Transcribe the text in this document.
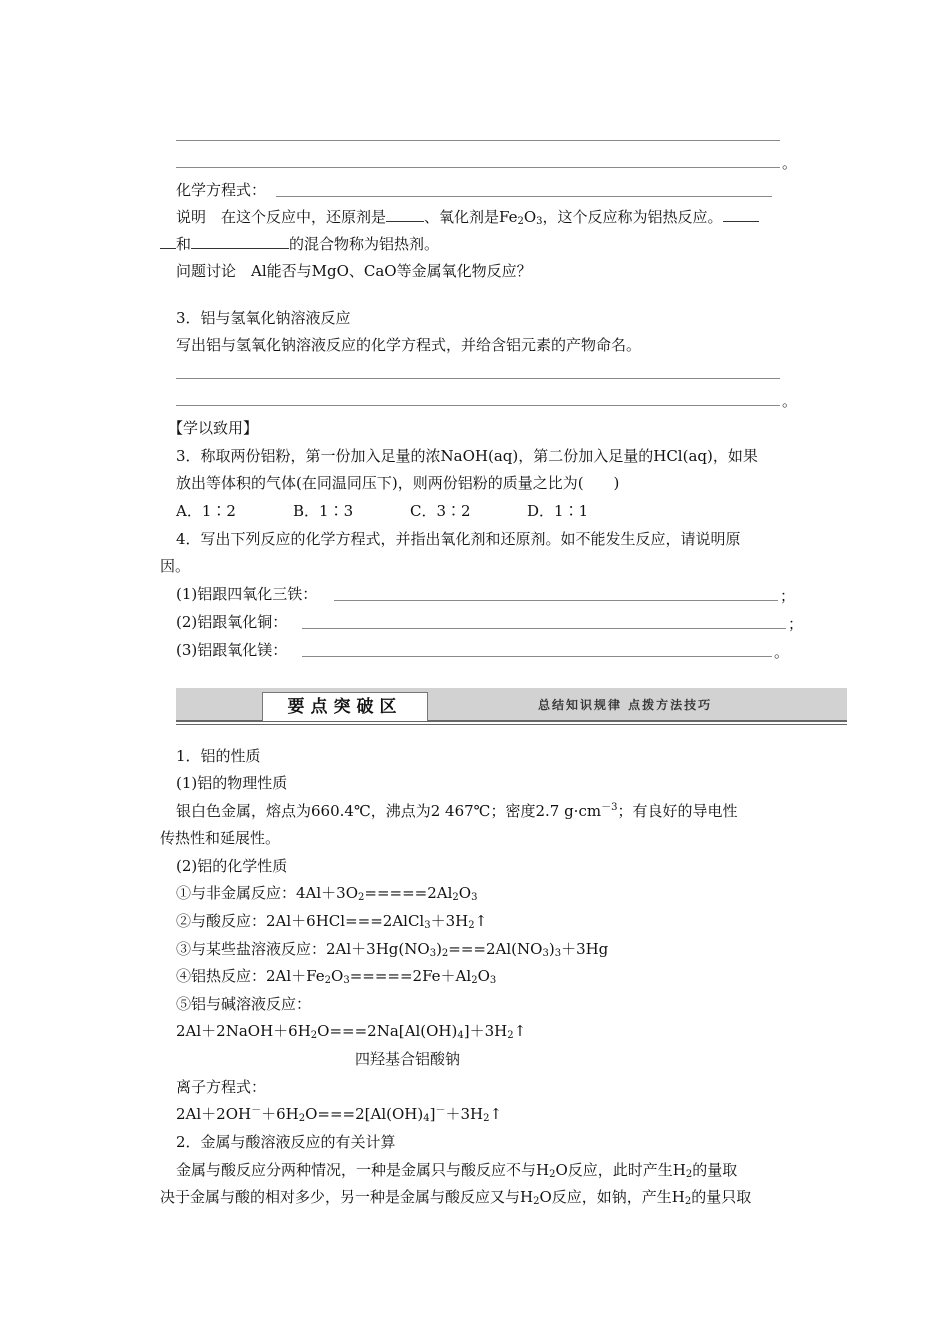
。
化学方程式：
说明　在这个反应中，还原剂是	、氧化剂是$Fe_2O_3$，这个反应称为铝热反应。
和	的混合物称为铝热剂。
问题讨论　Al能否与MgO、CaO等金属氧化物反应？
3．铝与氢氧化钠溶液反应
写出铝与氢氧化钠溶液反应的化学方程式，并给含铝元素的产物命名。
。
【学以致用】
3．称取两份铝粉，第一份加入足量的浓NaOH(aq)，第二份加入足量的HCl(aq)，如果
放出等体积的气体(在同温同压下)，则两份铝粉的质量之比为(　　)
A．1∶2	B．1∶3	C．3∶2	D．1∶1
4．写出下列反应的化学方程式，并指出氧化剂和还原剂。如不能发生反应，请说明原
因。
(1)铝跟四氧化三铁：	；
(2)铝跟氧化铜：	；
(3)铝跟氧化镁：	。
要点突破区	总结知识规律 点拨方法技巧
1．铝的性质
(1)铝的物理性质
银白色金属，熔点为660.4℃，沸点为2 467℃；密度2.7 $g\cdot cm^{-3}$；有良好的导电性
传热性和延展性。
(2)铝的化学性质
①与非金属反应：$4Al+3O_2=====2Al_2O_3$
②与酸反应：$2Al+6HCl===2AlCl_3+3H_2↑$
③与某些盐溶液反应：$2Al+3Hg(NO_3)_2===2Al(NO_3)_3+3Hg$
④铝热反应：$2Al+Fe_2O_3=====2Fe+Al_2O_3$
⑤铝与碱溶液反应：
$2Al+2NaOH+6H_2O===2Na[Al(OH)_4]+3H_2↑$
四羟基合铝酸钠
离子方程式：
$2Al+2OH^-+6H_2O===2[Al(OH)_4]^-+3H_2↑$
2．金属与酸溶液反应的有关计算
金属与酸反应分两种情况，一种是金属只与酸反应不与$H_2O$反应，此时产生$H_2$的量取
决于金属与酸的相对多少，另一种是金属与酸反应又与$H_2O$反应，如钠，产生$H_2$的量只取
